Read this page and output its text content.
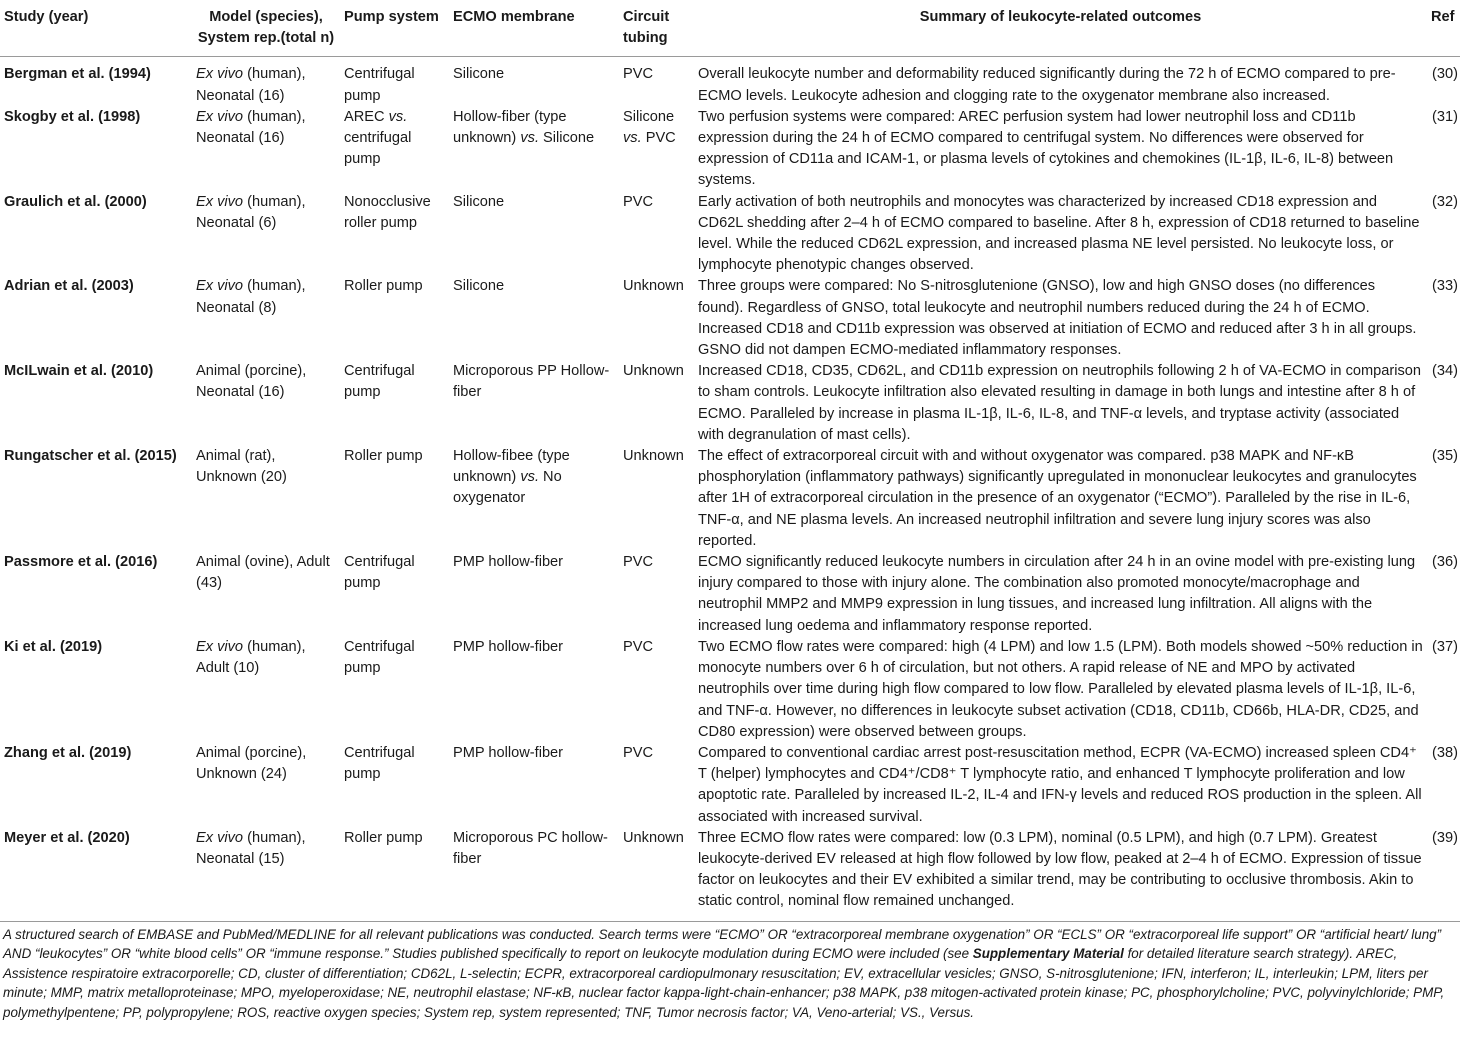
Study (year)	Model (species), System rep.(total n)	Pump system	ECMO membrane	Circuit tubing	Summary of leukocyte-related outcomes	Ref
Bergman et al. (1994)	Ex vivo (human), Neonatal (16)	Centrifugal pump	Silicone	PVC	Overall leukocyte number and deformability reduced significantly during the 72 h of ECMO compared to pre-ECMO levels. Leukocyte adhesion and clogging rate to the oxygenator membrane also increased.	(30)
Skogby et al. (1998)	Ex vivo (human), Neonatal (16)	AREC vs. centrifugal pump	Hollow-fiber (type unknown) vs. Silicone	Silicone vs. PVC	Two perfusion systems were compared: AREC perfusion system had lower neutrophil loss and CD11b expression during the 24 h of ECMO compared to centrifugal system. No differences were observed for expression of CD11a and ICAM-1, or plasma levels of cytokines and chemokines (IL-1β, IL-6, IL-8) between systems.	(31)
Graulich et al. (2000)	Ex vivo (human), Neonatal (6)	Nonocclusive roller pump	Silicone	PVC	Early activation of both neutrophils and monocytes was characterized by increased CD18 expression and CD62L shedding after 2–4 h of ECMO compared to baseline. After 8 h, expression of CD18 returned to baseline level. While the reduced CD62L expression, and increased plasma NE level persisted. No leukocyte loss, or lymphocyte phenotypic changes observed.	(32)
Adrian et al. (2003)	Ex vivo (human), Neonatal (8)	Roller pump	Silicone	Unknown	Three groups were compared: No S-nitrosglutenione (GNSO), low and high GNSO doses (no differences found). Regardless of GNSO, total leukocyte and neutrophil numbers reduced during the 24 h of ECMO. Increased CD18 and CD11b expression was observed at initiation of ECMO and reduced after 3 h in all groups. GSNO did not dampen ECMO-mediated inflammatory responses.	(33)
McILwain et al. (2010)	Animal (porcine), Neonatal (16)	Centrifugal pump	Microporous PP Hollow-fiber	Unknown	Increased CD18, CD35, CD62L, and CD11b expression on neutrophils following 2 h of VA-ECMO in comparison to sham controls. Leukocyte infiltration also elevated resulting in damage in both lungs and intestine after 8 h of ECMO. Paralleled by increase in plasma IL-1β, IL-6, IL-8, and TNF-α levels, and tryptase activity (associated with degranulation of mast cells).	(34)
Rungatscher et al. (2015)	Animal (rat), Unknown (20)	Roller pump	Hollow-fibee (type unknown) vs. No oxygenator	Unknown	The effect of extracorporeal circuit with and without oxygenator was compared. p38 MAPK and NF-κB phosphorylation (inflammatory pathways) significantly upregulated in mononuclear leukocytes and granulocytes after 1H of extracorporeal circulation in the presence of an oxygenator (“ECMO”). Paralleled by the rise in IL-6, TNF-α, and NE plasma levels. An increased neutrophil infiltration and severe lung injury scores was also reported.	(35)
Passmore et al. (2016)	Animal (ovine), Adult (43)	Centrifugal pump	PMP hollow-fiber	PVC	ECMO significantly reduced leukocyte numbers in circulation after 24 h in an ovine model with pre-existing lung injury compared to those with injury alone. The combination also promoted monocyte/macrophage and neutrophil MMP2 and MMP9 expression in lung tissues, and increased lung infiltration. All aligns with the increased lung oedema and inflammatory response reported.	(36)
Ki et al. (2019)	Ex vivo (human), Adult (10)	Centrifugal pump	PMP hollow-fiber	PVC	Two ECMO flow rates were compared: high (4 LPM) and low 1.5 (LPM). Both models showed ~50% reduction in monocyte numbers over 6 h of circulation, but not others. A rapid release of NE and MPO by activated neutrophils over time during high flow compared to low flow. Paralleled by elevated plasma levels of IL-1β, IL-6, and TNF-α. However, no differences in leukocyte subset activation (CD18, CD11b, CD66b, HLA-DR, CD25, and CD80 expression) were observed between groups.	(37)
Zhang et al. (2019)	Animal (porcine), Unknown (24)	Centrifugal pump	PMP hollow-fiber	PVC	Compared to conventional cardiac arrest post-resuscitation method, ECPR (VA-ECMO) increased spleen CD4⁺ T (helper) lymphocytes and CD4⁺/CD8⁺ T lymphocyte ratio, and enhanced T lymphocyte proliferation and low apoptotic rate. Paralleled by increased IL-2, IL-4 and IFN-γ levels and reduced ROS production in the spleen. All associated with increased survival.	(38)
Meyer et al. (2020)	Ex vivo (human), Neonatal (15)	Roller pump	Microporous PC hollow-fiber	Unknown	Three ECMO flow rates were compared: low (0.3 LPM), nominal (0.5 LPM), and high (0.7 LPM). Greatest leukocyte-derived EV released at high flow followed by low flow, peaked at 2–4 h of ECMO. Expression of tissue factor on leukocytes and their EV exhibited a similar trend, may be contributing to occlusive thrombosis. Akin to static control, nominal flow remained unchanged.	(39)
A structured search of EMBASE and PubMed/MEDLINE for all relevant publications was conducted. Search terms were “ECMO” OR “extracorporeal membrane oxygenation” OR “ECLS” OR “extracorporeal life support” OR “artificial heart/ lung” AND “leukocytes” OR “white blood cells” OR “immune response.” Studies published specifically to report on leukocyte modulation during ECMO were included (see Supplementary Material for detailed literature search strategy). AREC, Assistence respiratoire extracorporelle; CD, cluster of differentiation; CD62L, L-selectin; ECPR, extracorporeal cardiopulmonary resuscitation; EV, extracellular vesicles; GNSO, S-nitrosglutenione; IFN, interferon; IL, interleukin; LPM, liters per minute; MMP, matrix metalloproteinase; MPO, myeloperoxidase; NE, neutrophil elastase; NF-κB, nuclear factor kappa-light-chain-enhancer; p38 MAPK, p38 mitogen-activated protein kinase; PC, phosphorylcholine; PVC, polyvinylchloride; PMP, polymethylpentene; PP, polypropylene; ROS, reactive oxygen species; System rep, system represented; TNF, Tumor necrosis factor; VA, Veno-arterial; VS., Versus.
